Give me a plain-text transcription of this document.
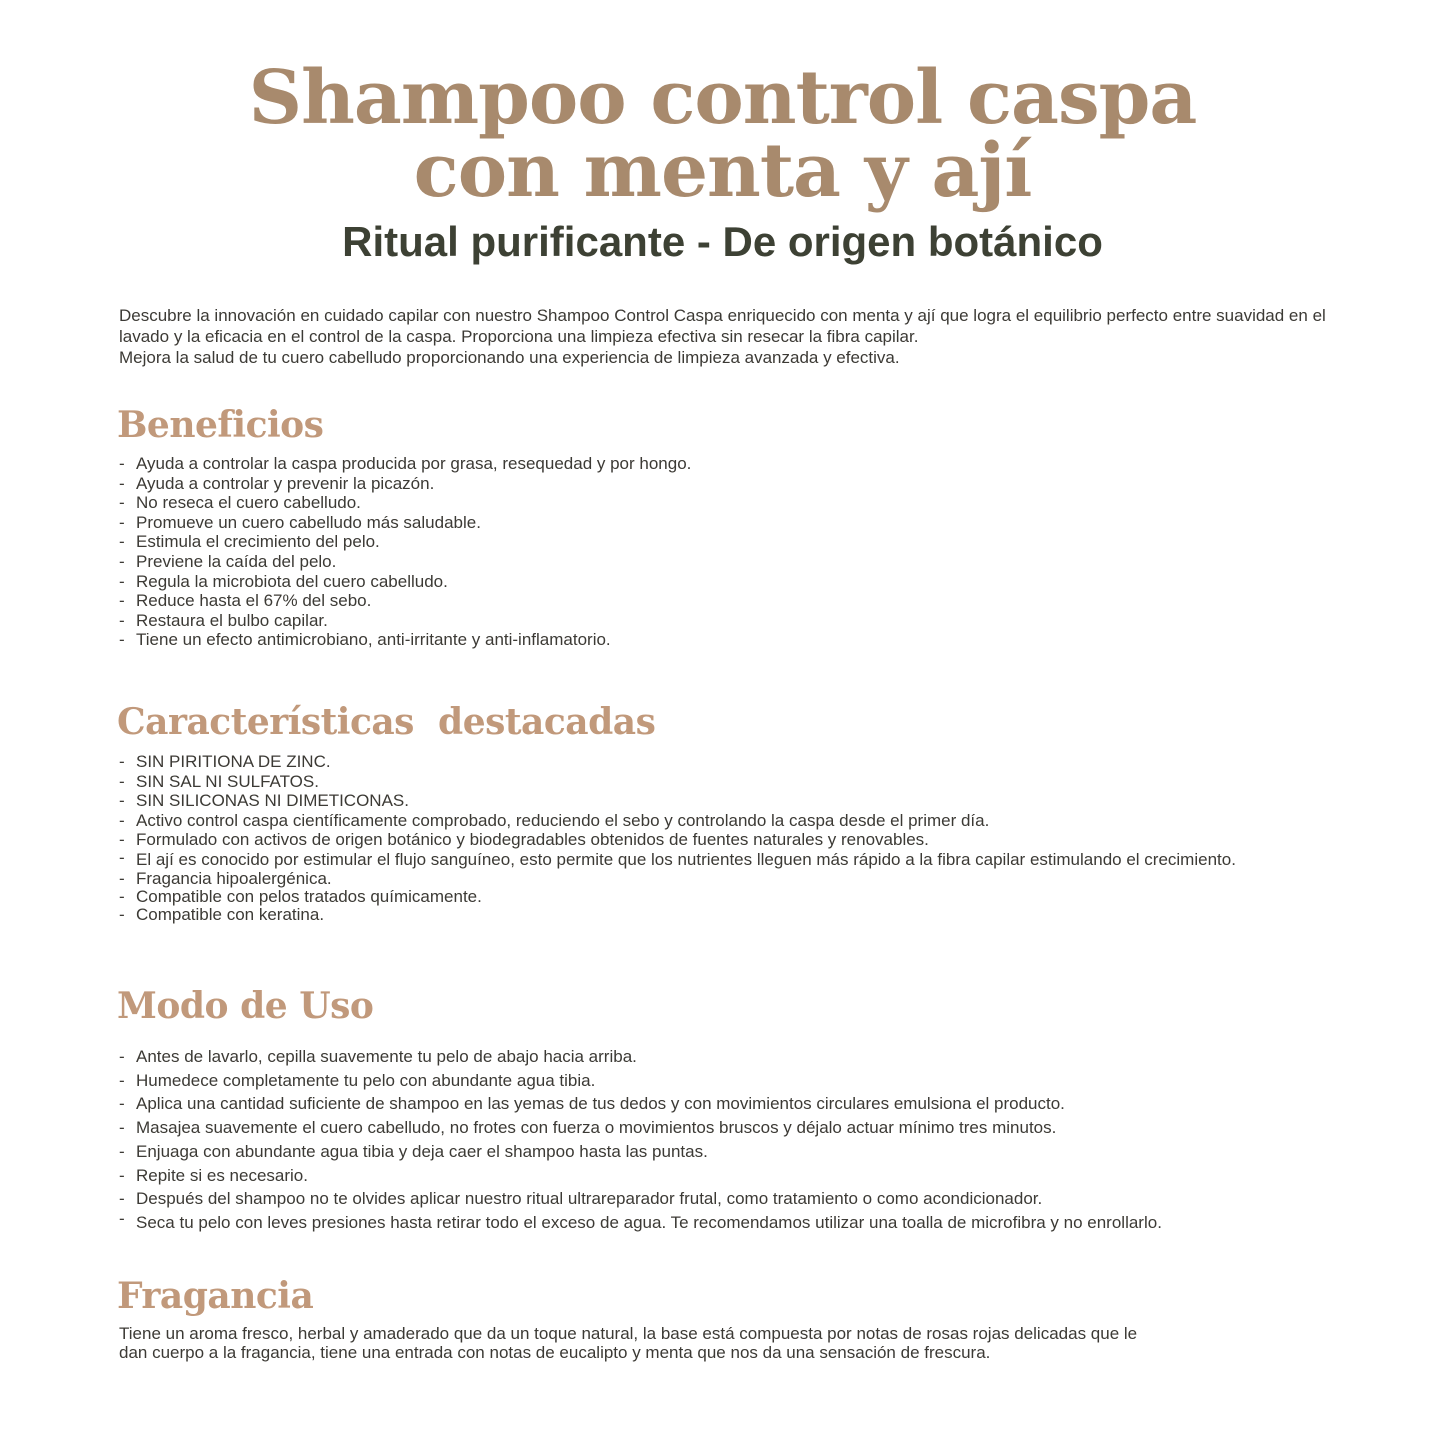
Shampoo control caspa
con menta y ají
Ritual purificante - De origen botánico

Descubre la innovación en cuidado capilar con nuestro Shampoo Control Caspa enriquecido con menta y ají que logra el equilibrio perfecto entre suavidad en el lavado y la eficacia en el control de la caspa. Proporciona una limpieza efectiva sin resecar la fibra capilar.

Mejora la salud de tu cuero cabelludo proporcionando una experiencia de limpieza avanzada y efectiva.

Beneficios
- Ayuda a controlar la caspa producida por grasa, resequedad y por hongo.
- Ayuda a controlar y prevenir la picazón.
- No reseca el cuero cabelludo.
- Promueve un cuero cabelludo más saludable.
- Estimula el crecimiento del pelo.
- Previene la caída del pelo.
- Regula la microbiota del cuero cabelludo.
- Reduce hasta el 67% del sebo.
- Restaura el bulbo capilar.
- Tiene un efecto antimicrobiano, anti-irritante y anti-inflamatorio.
Características  destacadas
- SIN PIRITIONA DE ZINC.
- SIN SAL NI SULFATOS.
- SIN SILICONAS NI DIMETICONAS.
- Activo control caspa científicamente comprobado, reduciendo el sebo y controlando la caspa desde el primer día.
- Formulado con activos de origen botánico y biodegradables obtenidos de fuentes naturales y renovables.
- El ají es conocido por estimular el flujo sanguíneo, esto permite que los nutrientes lleguen más rápido a la fibra capilar estimulando el crecimiento.
- Fragancia hipoalergénica.
- Compatible con pelos tratados químicamente.
- Compatible con keratina.
Modo de Uso
- Antes de lavarlo, cepilla suavemente tu pelo de abajo hacia arriba.
- Humedece completamente tu pelo con abundante agua tibia.
- Aplica una cantidad suficiente de shampoo en las yemas de tus dedos y con movimientos circulares emulsiona el producto.
- Masajea suavemente el cuero cabelludo, no frotes con fuerza o movimientos bruscos y déjalo actuar mínimo tres minutos.
- Enjuaga con abundante agua tibia y deja caer el shampoo hasta las puntas.
- Repite si es necesario.
- Después del shampoo no te olvides aplicar nuestro ritual ultrareparador frutal, como tratamiento o como acondicionador.
- Seca tu pelo con leves presiones hasta retirar todo el exceso de agua. Te recomendamos utilizar una toalla de microfibra y no enrollarlo.
Fragancia

Tiene un aroma fresco, herbal y amaderado que da un toque natural, la base está compuesta por notas de rosas rojas delicadas que le dan cuerpo a la fragancia, tiene una entrada con notas de eucalipto y menta que nos da una sensación de frescura.
